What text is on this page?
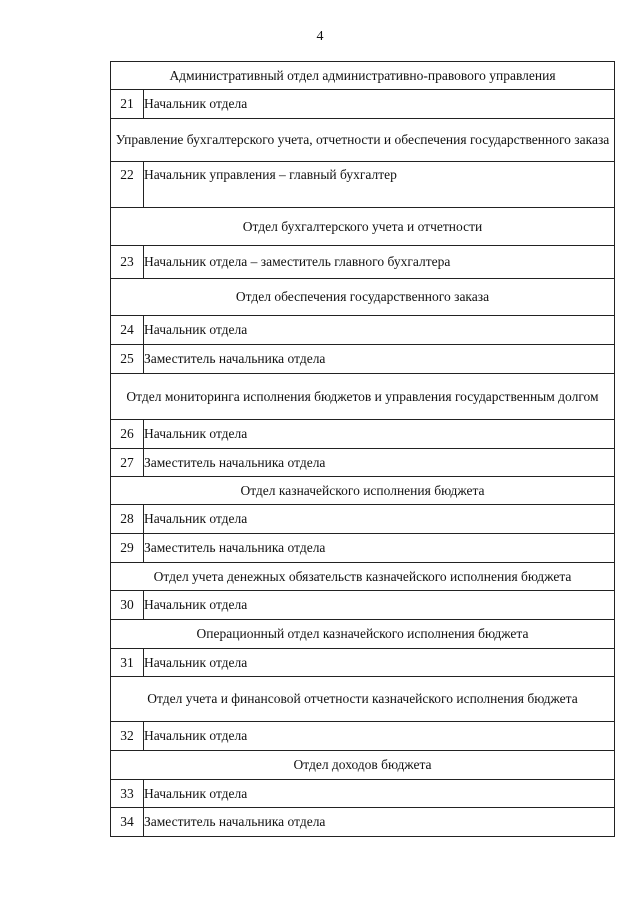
4
Административный отдел административно-правового управления	
21	Начальник отдела
Управление бухгалтерского учета, отчетности и обеспечения государственного заказа	
22	Начальник управления – главный бухгалтер
Отдел бухгалтерского учета и отчетности	
23	Начальник отдела – заместитель главного бухгалтера
Отдел обеспечения государственного заказа	
24	Начальник отдела
25	Заместитель начальника отдела
Отдел мониторинга исполнения бюджетов и управления государственным долгом	
26	Начальник отдела
27	Заместитель начальника отдела
Отдел казначейского исполнения бюджета	
28	Начальник отдела
29	Заместитель начальника отдела
Отдел учета денежных обязательств казначейского исполнения бюджета	
30	Начальник отдела
Операционный отдел казначейского исполнения бюджета	
31	Начальник отдела
Отдел учета и финансовой отчетности казначейского исполнения бюджета	
32	Начальник отдела
Отдел доходов бюджета	
33	Начальник отдела
34	Заместитель начальника отдела
